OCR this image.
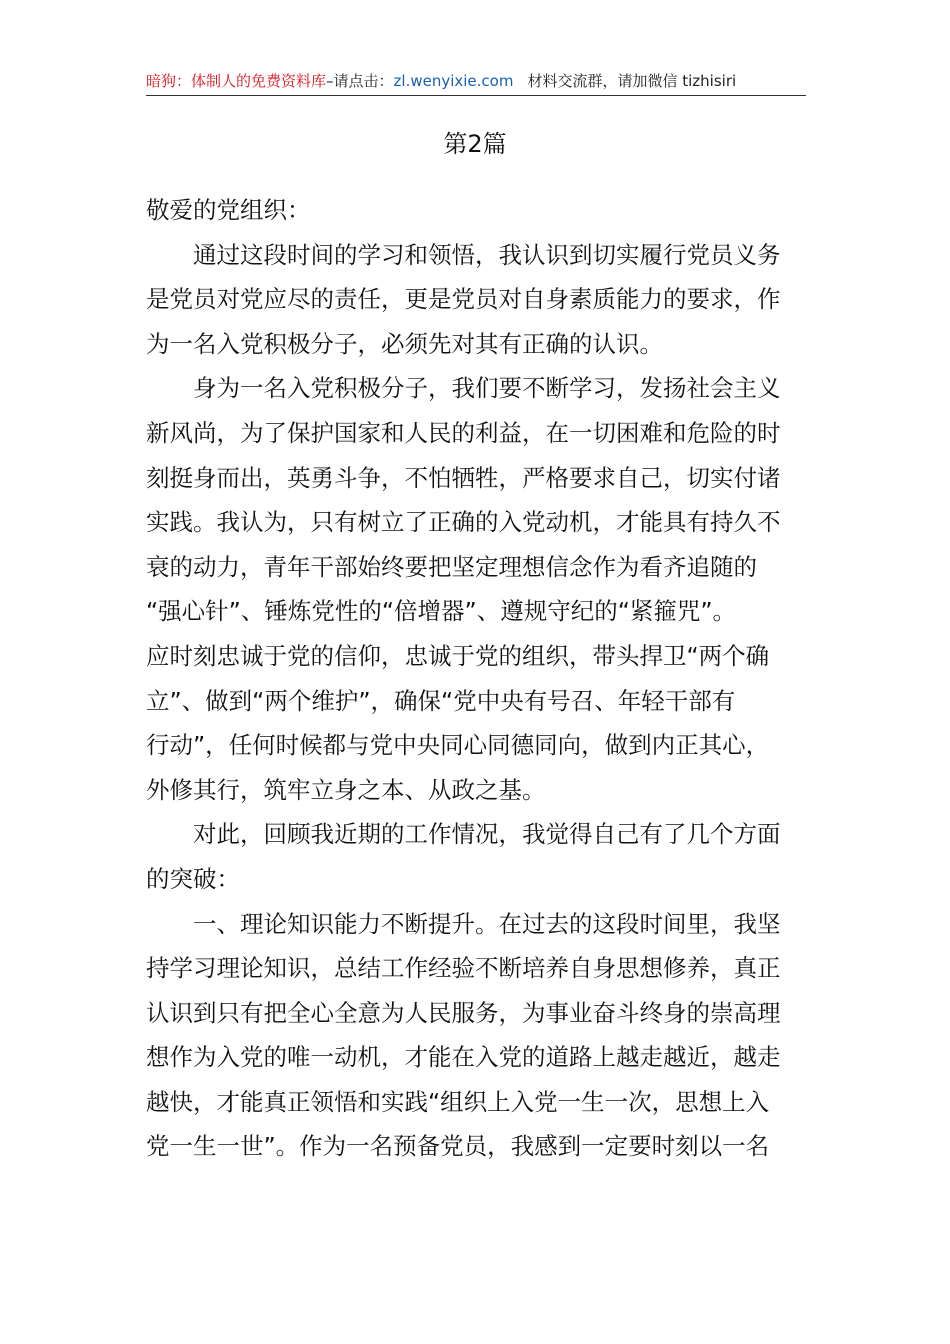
暗狗：体制人的免费资料库–请点击：zl.wenyixie.com 材料交流群，请加微信 tizhisiri
第2篇
敬爱的党组织：
通过这段时间的学习和领悟，我认识到切实履行党员义务
是党员对党应尽的责任，更是党员对自身素质能力的要求，作
为一名入党积极分子，必须先对其有正确的认识。
身为一名入党积极分子，我们要不断学习，发扬社会主义
新风尚，为了保护国家和人民的利益，在一切困难和危险的时
刻挺身而出，英勇斗争，不怕牺牲，严格要求自己，切实付诸
实践。我认为，只有树立了正确的入党动机，才能具有持久不
衰的动力，青年干部始终要把坚定理想信念作为看齐追随的
“强心针”、锤炼党性的“倍增器”、遵规守纪的“紧箍咒”。
应时刻忠诚于党的信仰，忠诚于党的组织，带头捍卫“两个确
立”、做到“两个维护”，确保“党中央有号召、年轻干部有
行动”，任何时候都与党中央同心同德同向，做到内正其心，
外修其行，筑牢立身之本、从政之基。
对此，回顾我近期的工作情况，我觉得自己有了几个方面
的突破：
一、理论知识能力不断提升。在过去的这段时间里，我坚
持学习理论知识，总结工作经验不断培养自身思想修养，真正
认识到只有把全心全意为人民服务，为事业奋斗终身的崇高理
想作为入党的唯一动机，才能在入党的道路上越走越近，越走
越快，才能真正领悟和实践“组织上入党一生一次，思想上入
党一生一世”。作为一名预备党员，我感到一定要时刻以一名
